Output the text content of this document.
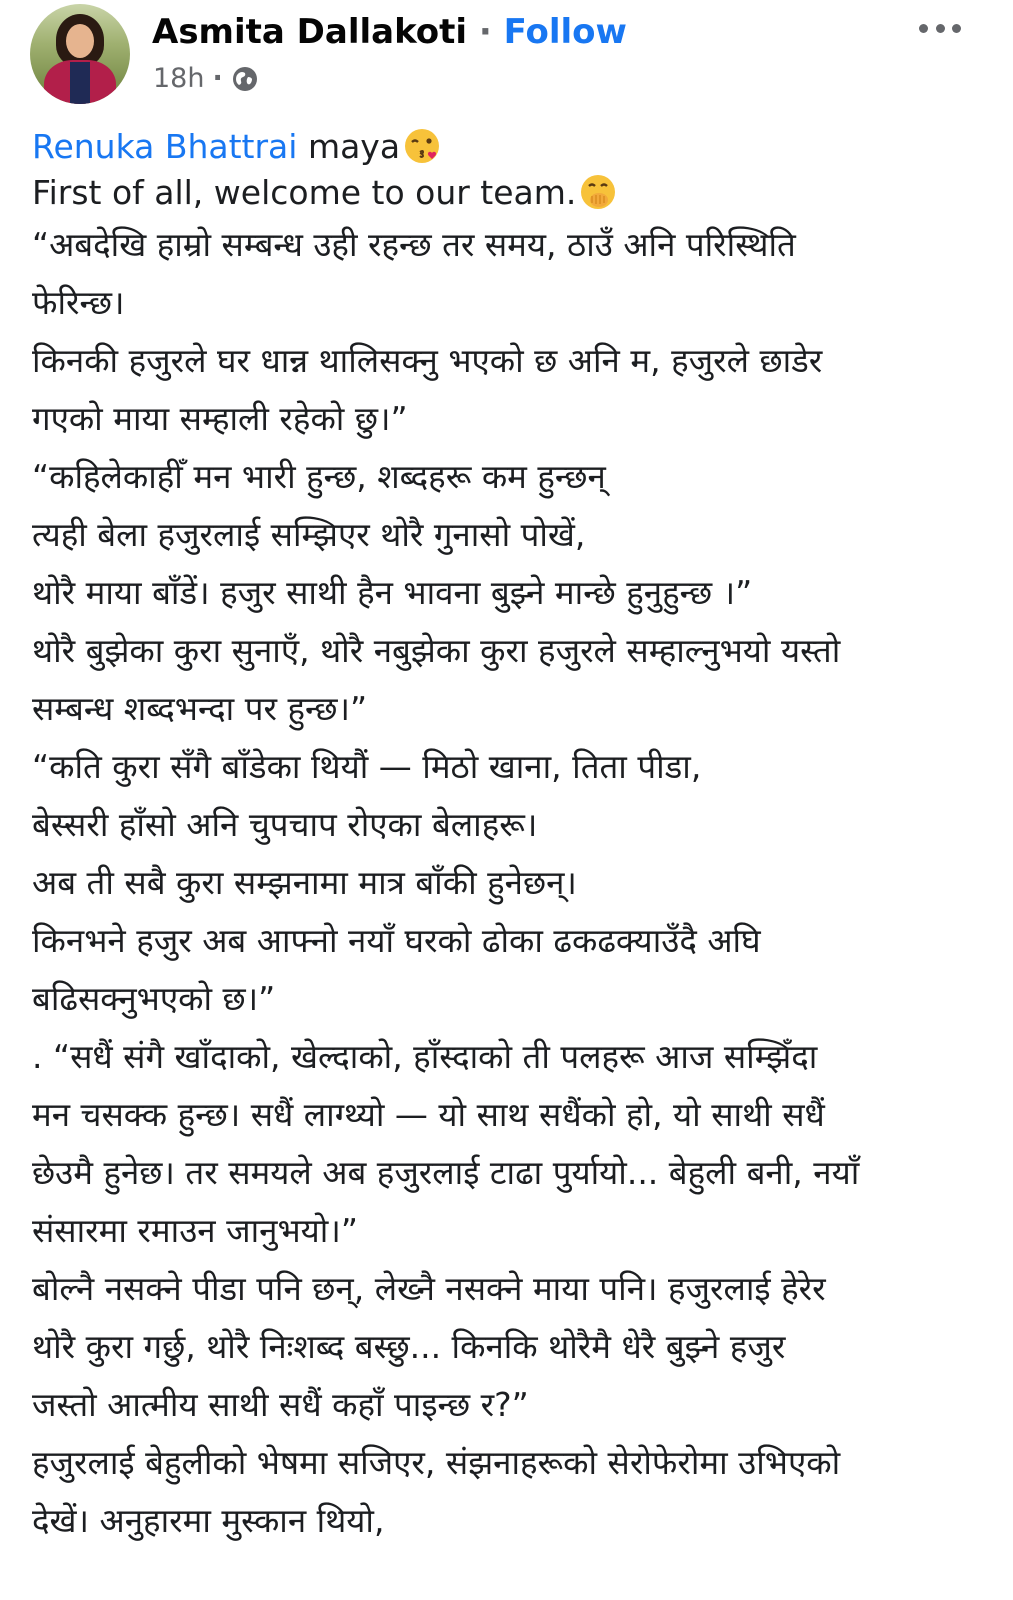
Asmita Dallakoti · Follow
18h ·
Renuka Bhattrai maya
First of all, welcome to our team.
“अबदेखि हाम्रो सम्बन्ध उही रहन्छ तर समय, ठाउँ अनि परिस्थिति
फेरिन्छ।
किनकी हजुरले घर धान्न थालिसक्नु भएको छ अनि म, हजुरले छाडेर
गएको माया सम्हाली रहेको छु।”
“कहिलेकाहीँ मन भारी हुन्छ, शब्दहरू कम हुन्छन्
त्यही बेला हजुरलाई सम्झिएर थोरै गुनासो पोखें,
थोरै माया बाँडें। हजुर साथी हैन भावना बुझ्ने मान्छे हुनुहुन्छ ।”
थोरै बुझेका कुरा सुनाएँ, थोरै नबुझेका कुरा हजुरले सम्हाल्नुभयो यस्तो
सम्बन्ध शब्दभन्दा पर हुन्छ।”
“कति कुरा सँगै बाँडेका थियौं — मिठो खाना, तिता पीडा,
बेस्सरी हाँसो अनि चुपचाप रोएका बेलाहरू।
अब ती सबै कुरा सम्झनामा मात्र बाँकी हुनेछन्।
किनभने हजुर अब आफ्नो नयाँ घरको ढोका ढकढक्याउँदै अघि
बढिसक्नुभएको छ।”
. “सधैं संगै खाँदाको, खेल्दाको, हाँस्दाको ती पलहरू आज सम्झिँदा
मन चसक्क हुन्छ। सधैं लाग्थ्यो — यो साथ सधैंको हो, यो साथी सधैं
छेउमै हुनेछ। तर समयले अब हजुरलाई टाढा पुर्यायो... बेहुली बनी, नयाँ
संसारमा रमाउन जानुभयो।”
बोल्नै नसक्ने पीडा पनि छन्, लेख्नै नसक्ने माया पनि। हजुरलाई हेरेर
थोरै कुरा गर्छु, थोरै निःशब्द बस्छु... किनकि थोरैमै धेरै बुझ्ने हजुर
जस्तो आत्मीय साथी सधैं कहाँ पाइन्छ र?”
हजुरलाई बेहुलीको भेषमा सजिएर, संझनाहरूको सेरोफेरोमा उभिएको
देखें। अनुहारमा मुस्कान थियो,
